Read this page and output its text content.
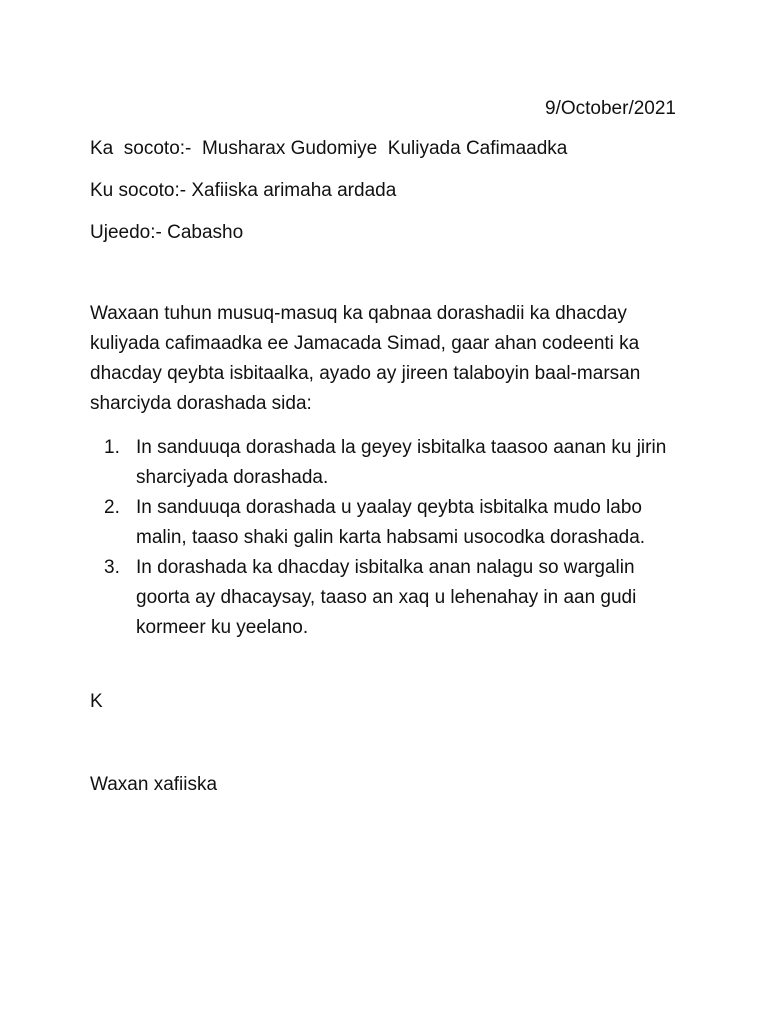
9/October/2021
Ka  socoto:-  Musharax Gudomiye  Kuliyada Cafimaadka
Ku socoto:- Xafiiska arimaha ardada
Ujeedo:- Cabasho

Waxaan tuhun musuq-masuq ka qabnaa dorashadii ka dhacday kuliyada cafimaadka ee Jamacada Simad, gaar ahan codeenti ka dhacday qeybta isbitaalka, ayado ay jireen talaboyin baal-marsan sharciyda dorashada sida:

1. In sanduuqa dorashada la geyey isbitalka taasoo aanan ku jirin sharciyada dorashada.
2. In sanduuqa dorashada u yaalay qeybta isbitalka mudo labo malin, taaso shaki galin karta habsami usocodka dorashada.
3. In dorashada ka dhacday isbitalka anan nalagu so wargalin goorta ay dhacaysay, taaso an xaq u lehenahay in aan gudi kormeer ku yeelano.
K
Waxan xafiiska
